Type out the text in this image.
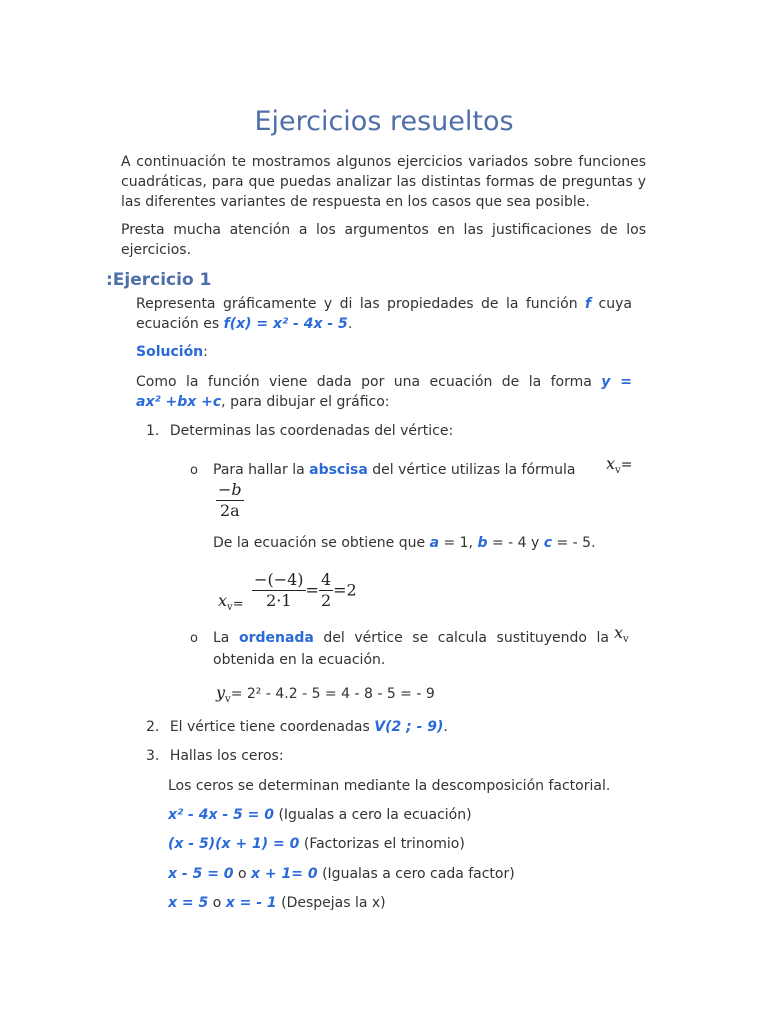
Ejercicios resueltos
A continuación te mostramos algunos ejercicios variados sobre funciones cuadráticas, para que puedas analizar las distintas formas de preguntas y las diferentes variantes de respuesta en los casos que sea posible.
Presta mucha atención a los argumentos en las justificaciones de los ejercicios.
:Ejercicio 1
Representa gráficamente y di las propiedades de la función f cuya
ecuación es f(x) = x² - 4x - 5.
Solución:
Como la función viene dada por una ecuación de la forma y =
ax² +bx +c, para dibujar el gráfico:
1. Determinas las coordenadas del vértice:
o Para hallar la abscisa del vértice utilizas la fórmula $x_v=$
$\frac{-b}{2a}$
De la ecuación se obtiene que a = 1, b = - 4 y c = - 5.
$x_v= \frac{-(-4)}{2\cdot 1} = \frac{4}{2} =2$
o La ordenada del vértice se calcula sustituyendo la $x_v$
obtenida en la ecuación.
$y_v= 2^2 - 4.2 - 5 = 4 - 8 - 5$ = - 9
2. El vértice tiene coordenadas V(2 ; - 9).
3. Hallas los ceros:
Los ceros se determinan mediante la descomposición factorial.
x² - 4x - 5 = 0 (Igualas a cero la ecuación)
(x - 5)(x + 1) = 0 (Factorizas el trinomio)
x - 5 = 0 o x + 1= 0 (Igualas a cero cada factor)
x = 5 o x = - 1 (Despejas la x)
